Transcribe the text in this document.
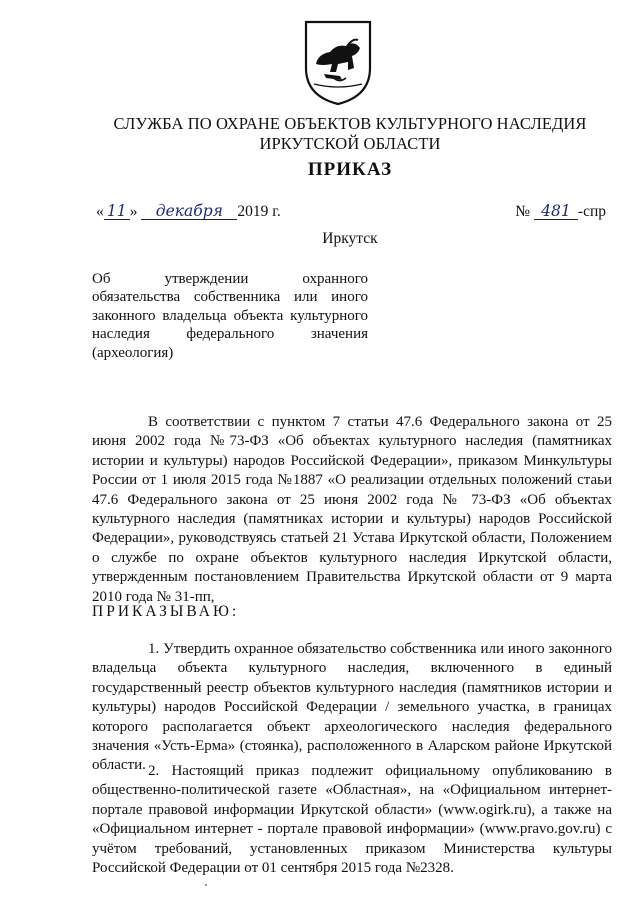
СЛУЖБА ПО ОХРАНЕ ОБЪЕКТОВ КУЛЬТУРНОГО НАСЛЕДИЯ
ИРКУТСКОЙ ОБЛАСТИ
ПРИКАЗ
« 11 » декабря 2019 г.	№ 481 -спр
Иркутск
Об утверждении охранного
обязательства собственника или иного
законного владельца объекта культурного
наследия федерального значения
(археология)
В соответствии с пунктом 7 статьи 47.6 Федерального закона от 25 июня 2002 года №73-ФЗ «Об объектах культурного наследия (памятниках истории и культуры) народов Российской Федерации», приказом Минкультуры России от 1 июля 2015 года №1887 «О реализации отдельных положений стаьи 47.6 Федерального закона от 25 июня 2002 года № 73-ФЗ «Об объектах культурного наследия (памятниках истории и культуры) народов Российской Федерации», руководствуясь статьей 21 Устава Иркутской области, Положением о службе по охране объектов культурного наследия Иркутской области, утвержденным постановлением Правительства Иркутской области от 9 марта 2010 года № 31-пп,
ПРИКАЗЫВАЮ:
1. Утвердить охранное обязательство собственника или иного законного владельца объекта культурного наследия, включенного в единый государственный реестр объектов культурного наследия (памятников истории и культуры) народов Российской Федерации / земельного участка, в границах которого располагается объект археологического наследия федерального значения «Усть-Ерма» (стоянка), расположенного в Аларском районе Иркутской области. 2. Настоящий приказ подлежит официальному опубликованию в общественно-политической газете «Областная», на «Официальном интернет-портале правовой информации Иркутской области» (www.ogirk.ru), а также на «Официальном интернет - портале правовой информации» (www.pravo.gov.ru) с учётом требований, установленных приказом Министерства культуры Российской Федерации от 01 сентября 2015 года №2328.
